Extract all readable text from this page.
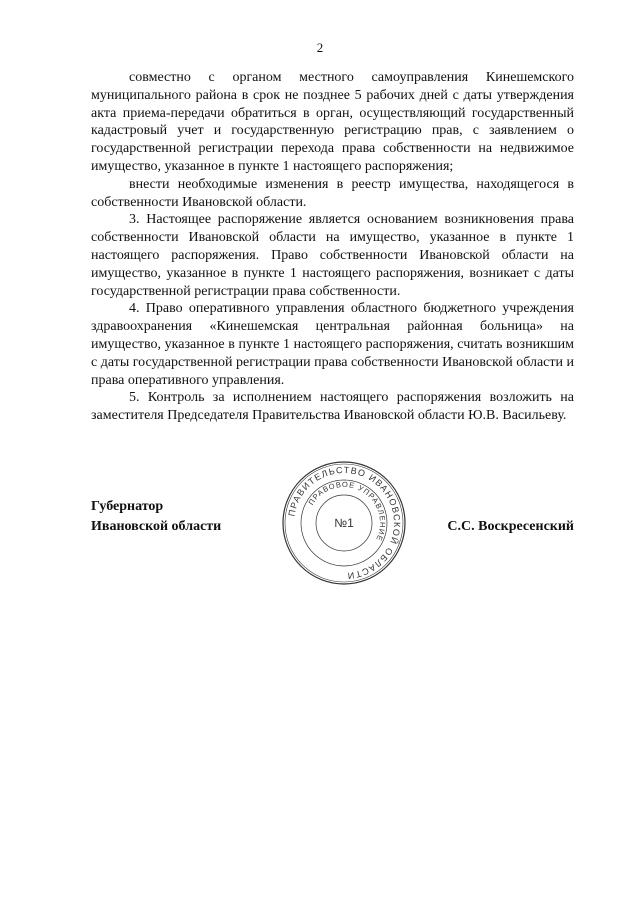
2

совместно с органом местного самоуправления Кинешемского муниципального района в срок не позднее 5 рабочих дней с даты утверждения акта приема-передачи обратиться в орган, осуществляющий государственный кадастровый учет и государственную регистрацию прав, с заявлением о государственной регистрации перехода права собственности на недвижимое имущество, указанное в пункте 1 настоящего распоряжения;

внести необходимые изменения в реестр имущества, находящегося в собственности Ивановской области.

3. Настоящее распоряжение является основанием возникновения права собственности Ивановской области на имущество, указанное в пункте 1 настоящего распоряжения. Право собственности Ивановской области на имущество, указанное в пункте 1 настоящего распоряжения, возникает с даты государственной регистрации права собственности.

4. Право оперативного управления областного бюджетного учреждения здравоохранения «Кинешемская центральная районная больница» на имущество, указанное в пункте 1 настоящего распоряжения, считать возникшим с даты государственной регистрации права собственности Ивановской области и права оперативного управления.

5. Контроль за исполнением настоящего распоряжения возложить на заместителя Председателя Правительства Ивановской области Ю.В. Васильеву.

Губернатор
Ивановской области	С.С. Воскресенский
ПРАВИТЕЛЬСТВО ИВАНОВСКОЙ ОБЛАСТИ
ПРАВОВОЕ УПРАВЛЕНИЕ
№1
